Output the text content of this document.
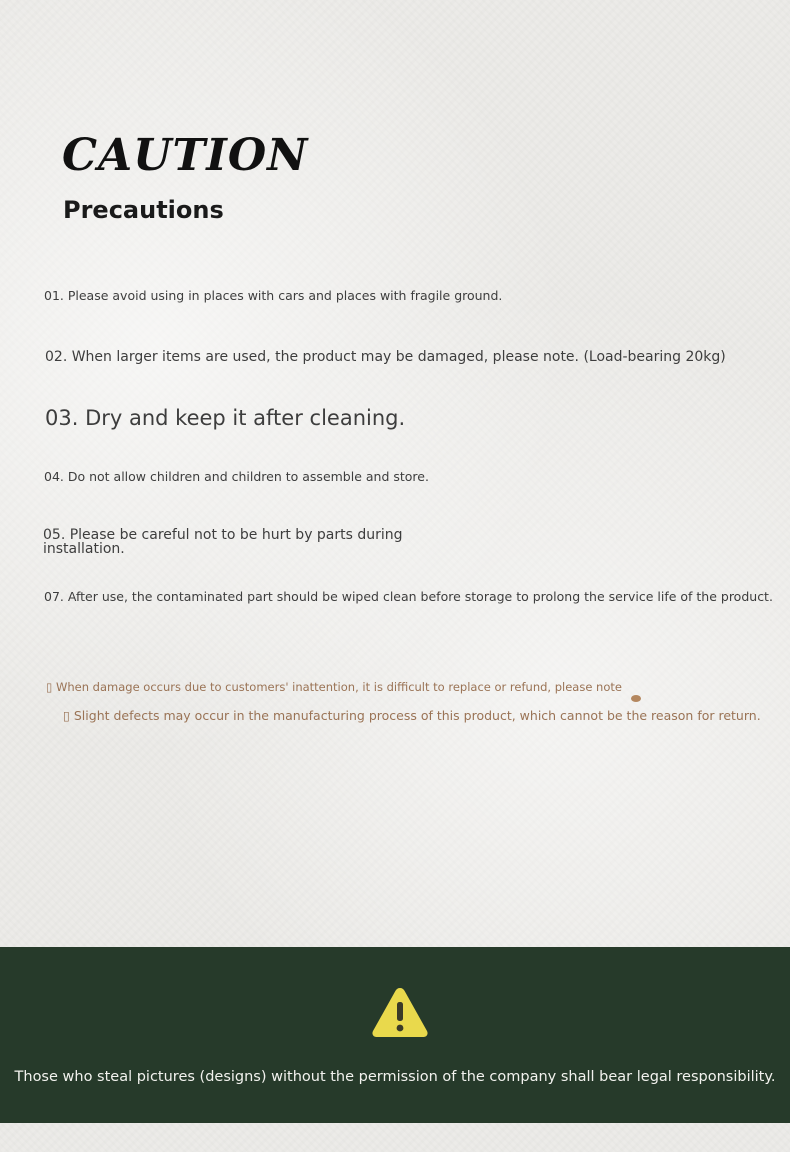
CAUTION
Precautions

01. Please avoid using in places with cars and places with fragile ground.

02. When larger items are used, the product may be damaged, please note. (Load-bearing 20kg)

03. Dry and keep it after cleaning.

04. Do not allow children and children to assemble and store.

05. Please be careful not to be hurt by parts during installation.

07. After use, the contaminated part should be wiped clean before storage to prolong the service life of the product.

▯ When damage occurs due to customers' inattention, it is difficult to replace or refund, please note

▯ Slight defects may occur in the manufacturing process of this product, which cannot be the reason for return.

Those who steal pictures (designs) without the permission of the company shall bear legal responsibility.
